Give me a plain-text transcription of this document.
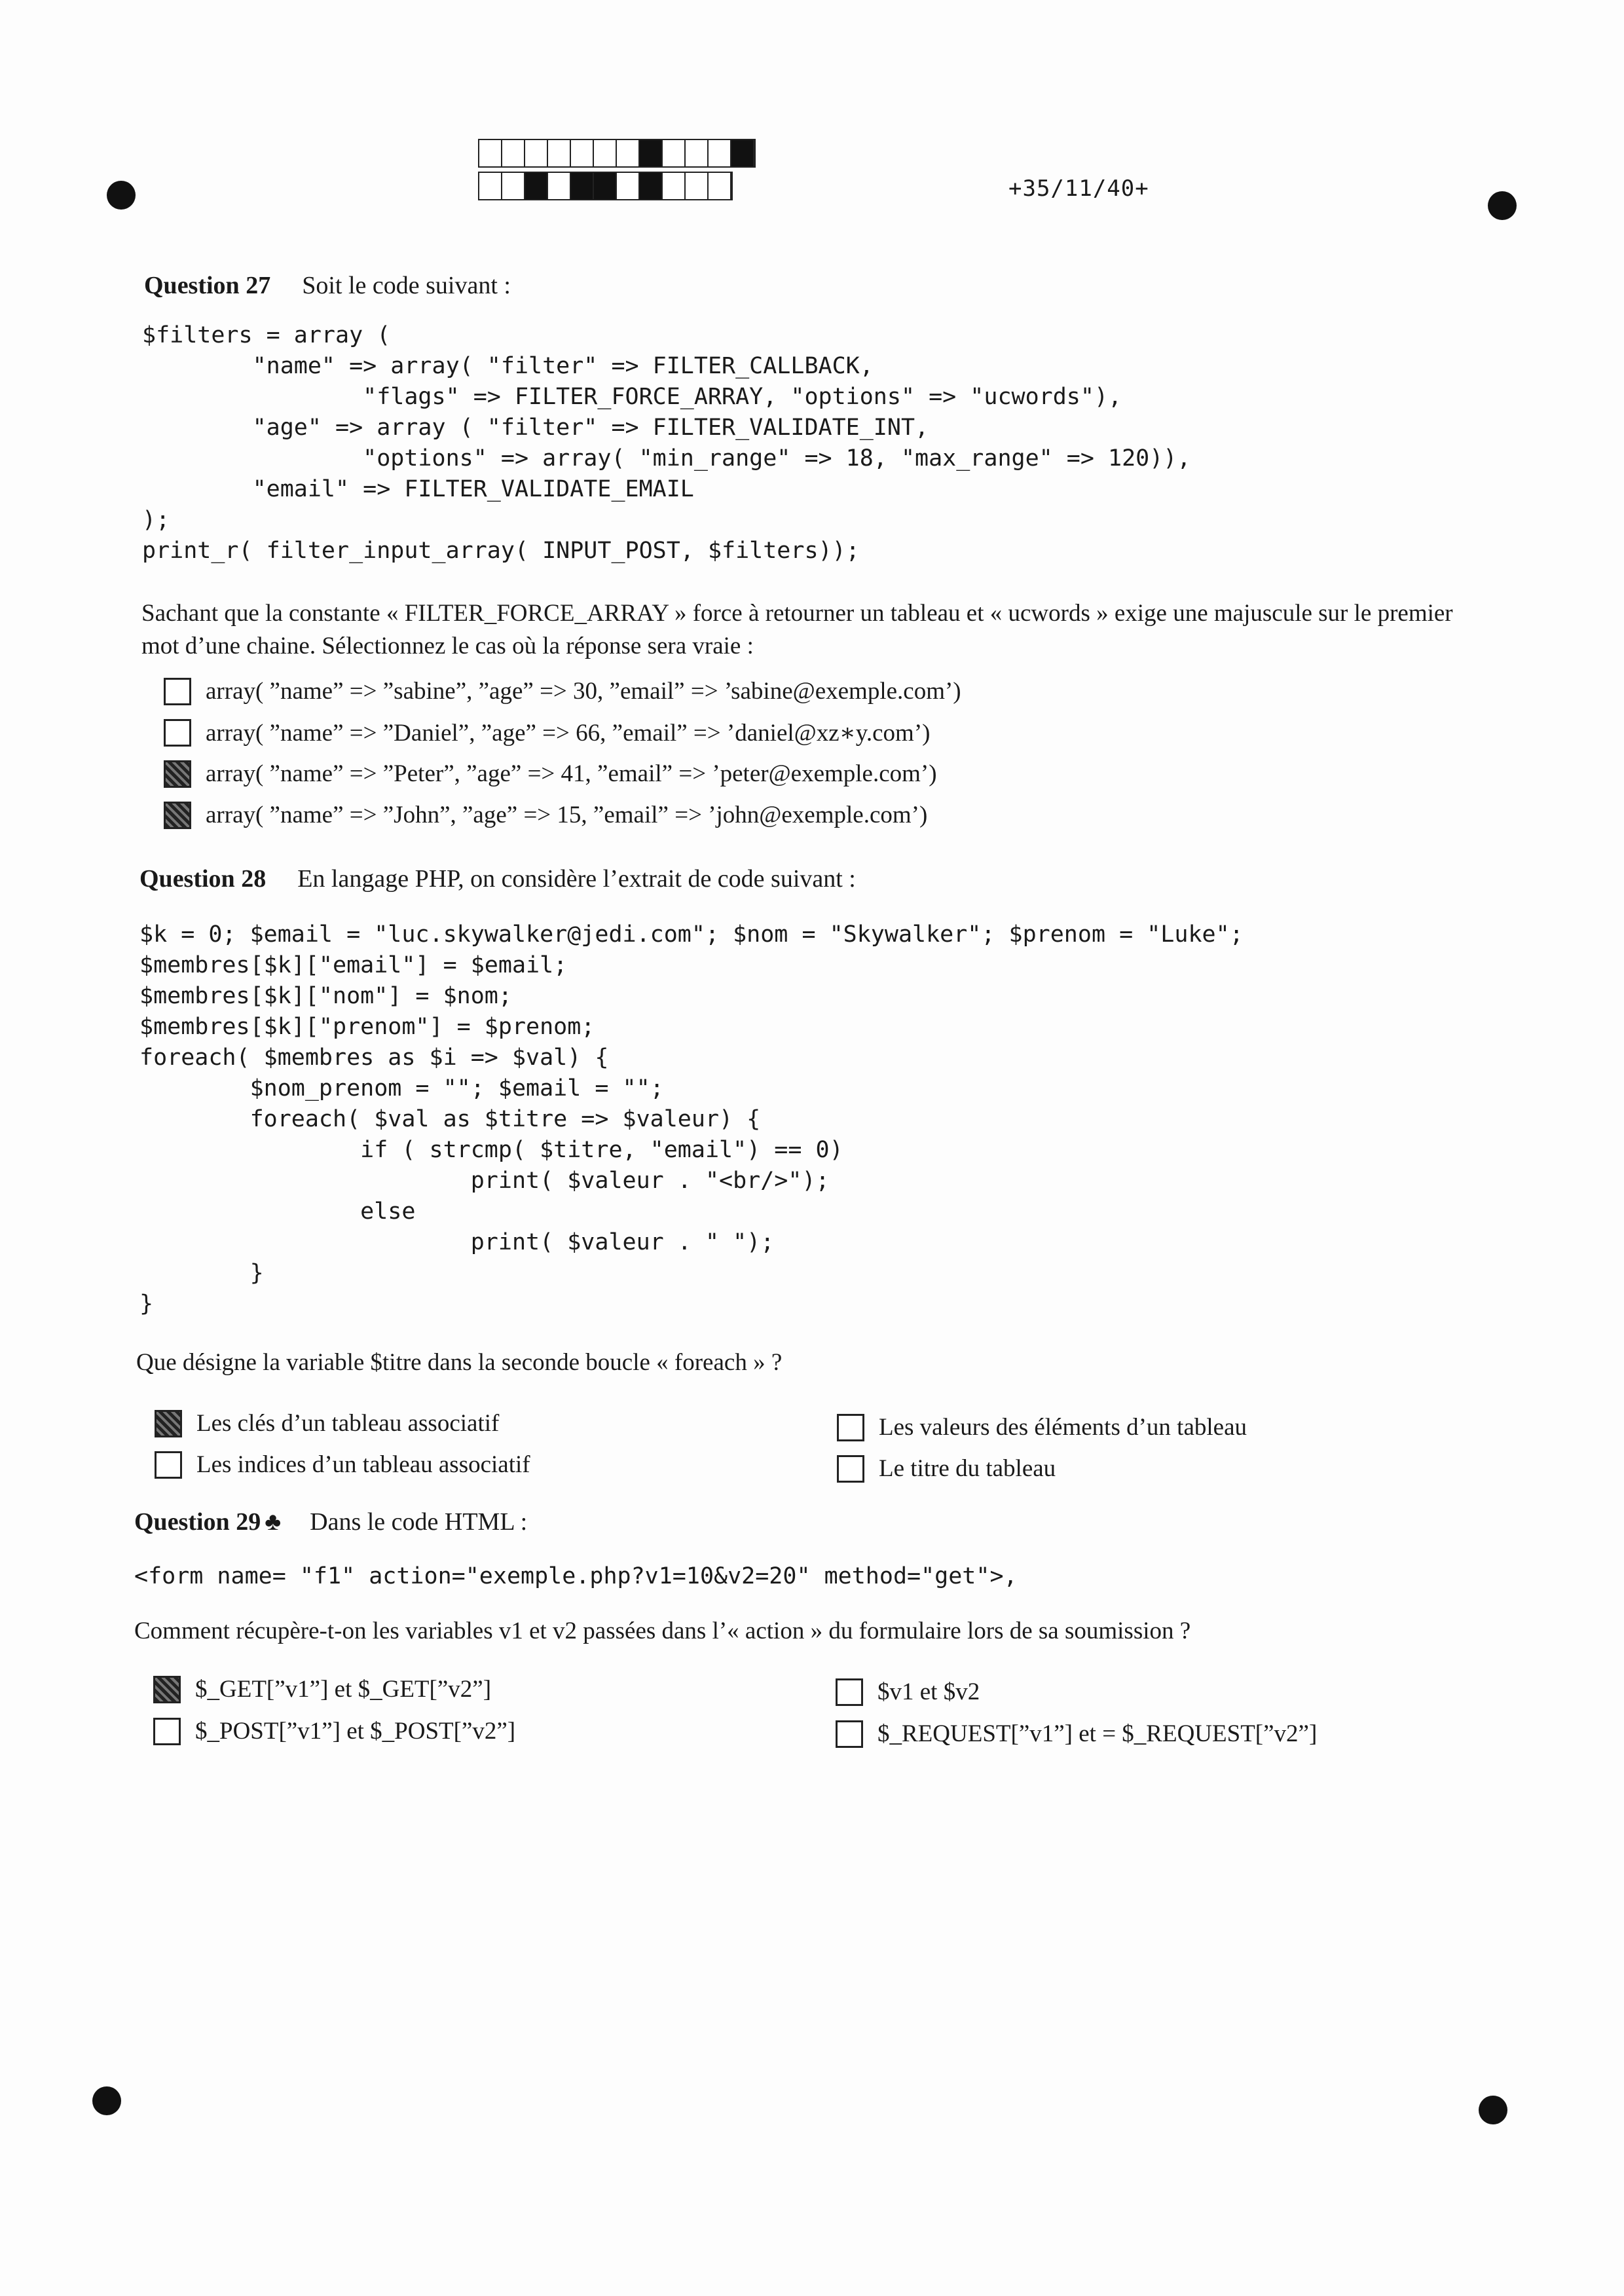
+35/11/40+
Question 27 Soit le code suivant :
$filters = array (
"name" => array( "filter" => FILTER_CALLBACK,
"flags" => FILTER_FORCE_ARRAY, "options" => "ucwords"),
"age" => array ( "filter" => FILTER_VALIDATE_INT,
"options" => array( "min_range" => 18, "max_range" => 120)),
"email" => FILTER_VALIDATE_EMAIL
);
print_r( filter_input_array( INPUT_POST, $filters));
Sachant que la constante « FILTER_FORCE_ARRAY » force à retourner un tableau et « ucwords » exige une majuscule sur le premier mot d’une chaine. Sélectionnez le cas où la réponse sera vraie :
array( ”name” => ”sabine”, ”age” => 30, ”email” => ’sabine@exemple.com’)
array( ”name” => ”Daniel”, ”age” => 66, ”email” => ’daniel@xz∗y.com’)
array( ”name” => ”Peter”, ”age” => 41, ”email” => ’peter@exemple.com’)
array( ”name” => ”John”, ”age” => 15, ”email” => ’john@exemple.com’)
Question 28 En langage PHP, on considère l’extrait de code suivant :
$k = 0; $email = "luc.skywalker@jedi.com"; $nom = "Skywalker"; $prenom = "Luke";
$membres[$k]["email"] = $email;
$membres[$k]["nom"] = $nom;
$membres[$k]["prenom"] = $prenom;
foreach( $membres as $i => $val) {
$nom_prenom = ""; $email = "";
foreach( $val as $titre => $valeur) {
if ( strcmp( $titre, "email") == 0)
print( $valeur . "<br/>");
else
print( $valeur . " ");
}
}
Que désigne la variable $titre dans la seconde boucle « foreach » ?
Les clés d’un tableau associatif
Les indices d’un tableau associatif
Les valeurs des éléments d’un tableau
Le titre du tableau
Question 29 ♣ Dans le code HTML :
<form name= "f1" action="exemple.php?v1=10&v2=20" method="get">,
Comment récupère-t-on les variables v1 et v2 passées dans l’« action » du formulaire lors de sa soumission ?
$_GET[”v1”] et $_GET[”v2”]
$_POST[”v1”] et $_POST[”v2”]
$v1 et $v2
$_REQUEST[”v1”] et = $_REQUEST[”v2”]
